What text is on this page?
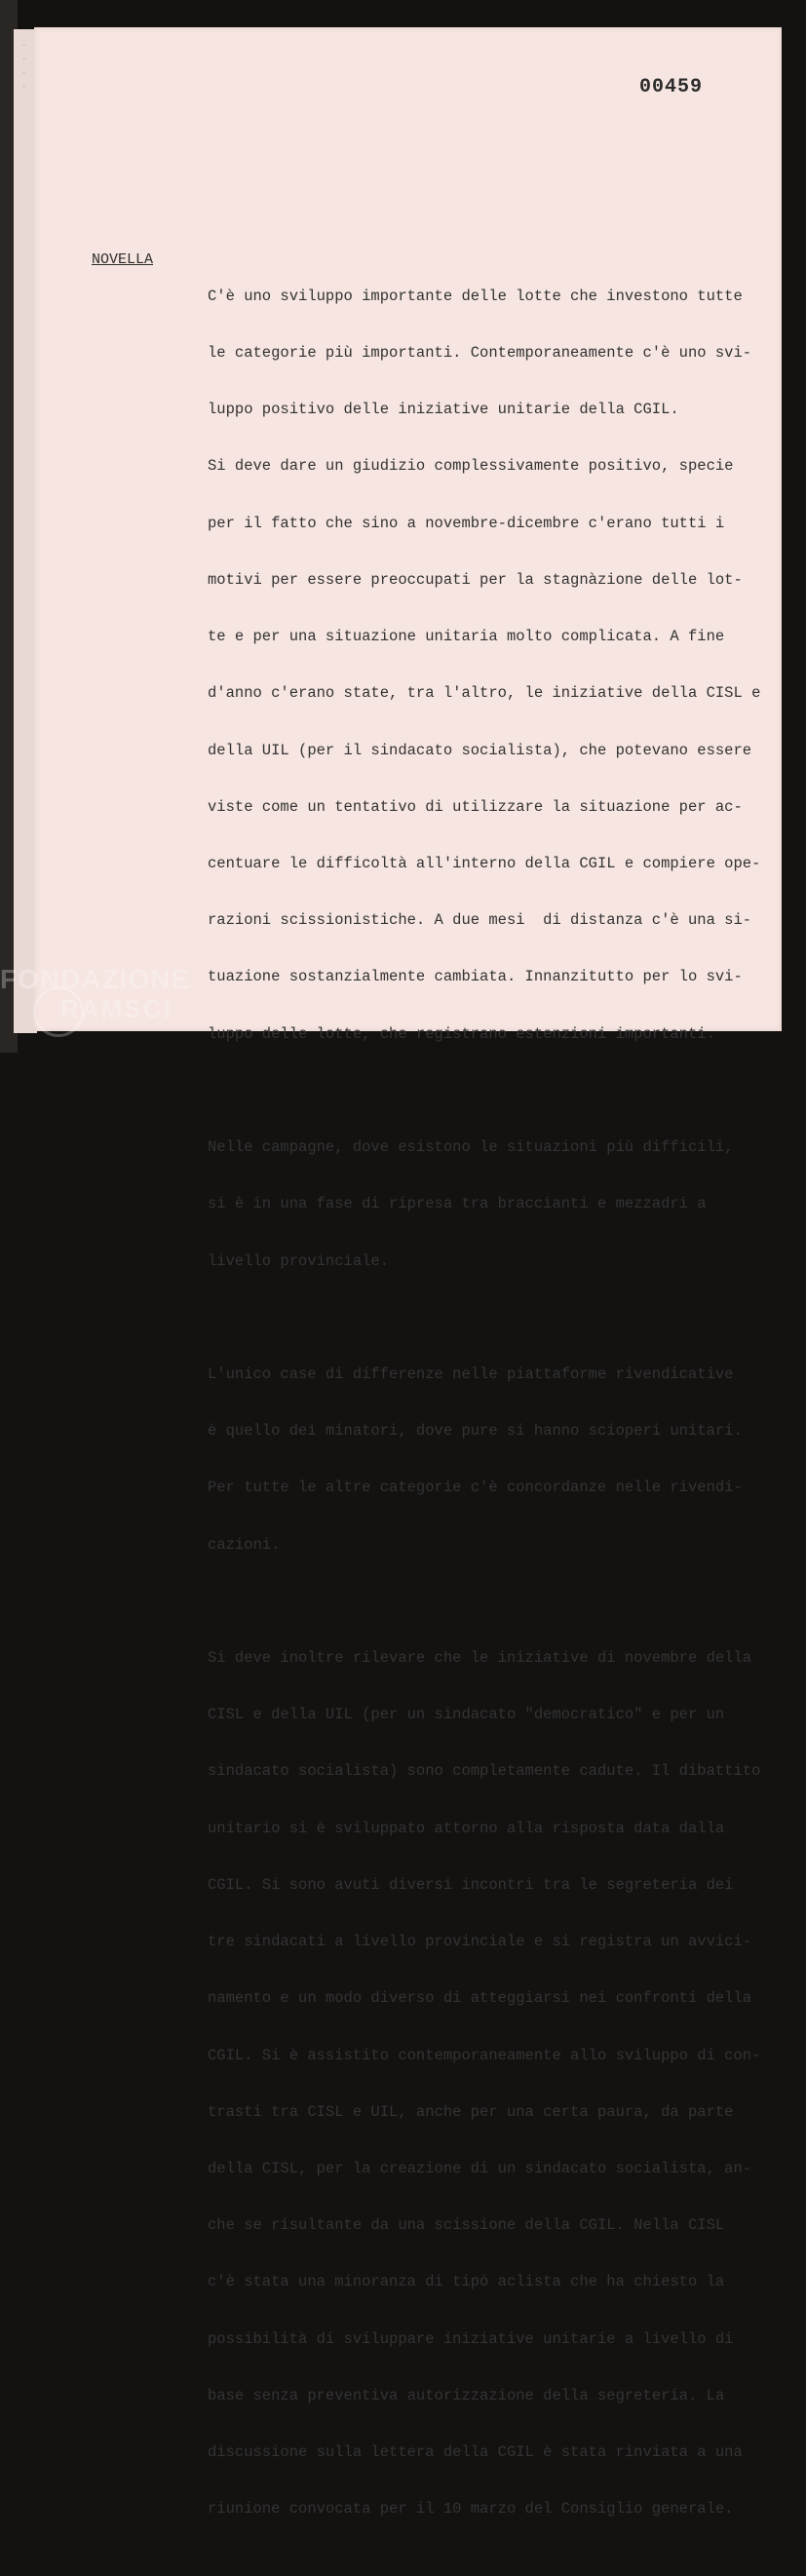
·
·
·
·	00459
NOVELLA

C'è uno sviluppo importante delle lotte che investono tutte

le categorie più importanti. Contemporaneamente c'è uno svi-

luppo positivo delle iniziative unitarie della CGIL.

Si deve dare un giudizio complessivamente positivo, specie

per il fatto che sino a novembre-dicembre c'erano tutti i

motivi per essere preoccupati per la stagnàzione delle lot-

te e per una situazione unitaria molto complicata. A fine

d'anno c'erano state, tra l'altro, le iniziative della CISL e

della UIL (per il sindacato socialista), che potevano essere

viste come un tentativo di utilizzare la situazione per ac-

centuare le difficoltà all'interno della CGIL e compiere ope-

razioni scissionistiche. A due mesi  di distanza c'è una si-

tuazione sostanzialmente cambiata. Innanzitutto per lo svi-

luppo delle lotte, che registrano estenzioni importanti.

Nelle campagne, dove esistono le situazioni più difficili,

si è in una fase di ripresa tra braccianti e mezzadri a

livello provinciale.

L'unico case di differenze nelle piattaforme rivendicative

è quello dei minatori, dove pure si hanno scioperi unitari.

Per tutte le altre categorie c'è concordanze nelle rivendi-

cazioni.

Si deve inoltre rilevare che le iniziative di novembre della

CISL e della UIL (per un sindacato "democratico" e per un

sindacato socialista) sono completamente cadute. Il dibattito

unitario si è sviluppato attorno alla risposta data dalla

CGIL. Si sono avuti diversi incontri tra le segreteria dei

tre sindacati a livello provinciale e si registra un avvici-

namento e un modo diverso di atteggiarsi nei confronti della

CGIL. Si è assistito contemporaneamente allo sviluppo di con-

trasti tra CISL e UIL, anche per una certa paura, da parte

della CISL, per la creazione di un sindacato socialista, an-

che se risultante da una scissione della CGIL. Nella CISL

c'è stata una minoranza di tipò aclista che ha chiesto la

possibilità di sviluppare iniziative unitarie a livello di

base senza preventiva autorizzazione della segreteria. La

discussione sulla lettera della CGIL è stata rinviata a una

riunione convocata per il 10 marzo del Consiglio generale.

FONDAZIONE
RAMSCI
